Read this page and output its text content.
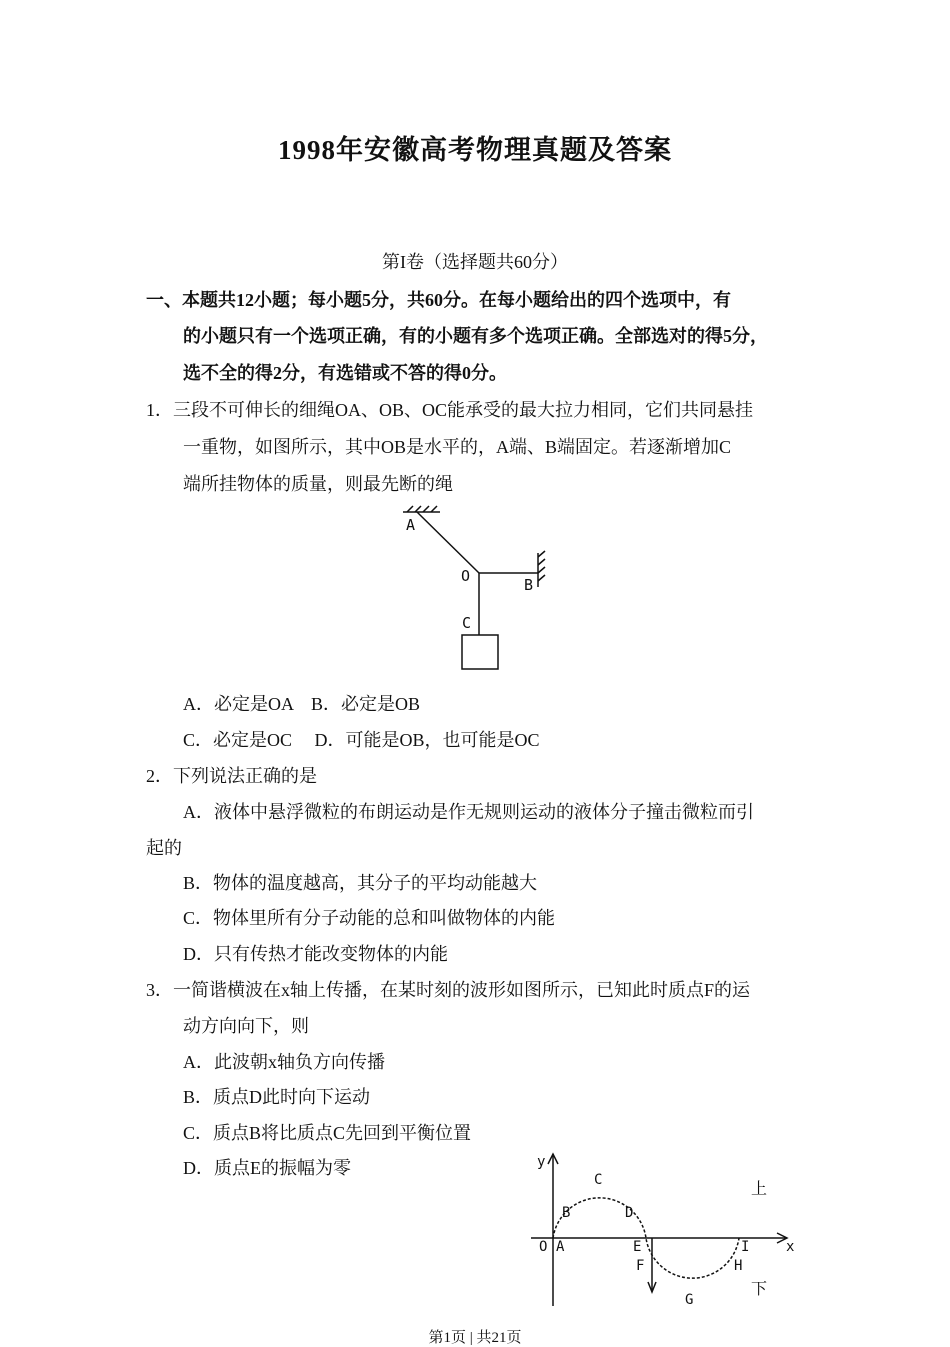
1998年安徽高考物理真题及答案
第I卷（选择题共60分）
一、本题共12小题；每小题5分，共60分。在每小题给出的四个选项中，有
的小题只有一个选项正确，有的小题有多个选项正确。全部选对的得5分，
选不全的得2分，有选错或不答的得0分。
1．三段不可伸长的细绳OA、OB、OC能承受的最大拉力相同，它们共同悬挂
一重物，如图所示，其中OB是水平的，A端、B端固定。若逐渐增加C
端所挂物体的质量，则最先断的绳
A
O	B
C
A．必定是OA　B．必定是OB
C．必定是OC　 D．可能是OB，也可能是OC
2．下列说法正确的是
A．液体中悬浮微粒的布朗运动是作无规则运动的液体分子撞击微粒而引
起的
B．物体的温度越高，其分子的平均动能越大
C．物体里所有分子动能的总和叫做物体的内能
D．只有传热才能改变物体的内能
3．一简谐横波在x轴上传播，在某时刻的波形如图所示，已知此时质点F的运
动方向向下，则
A．此波朝x轴负方向传播
B．质点D此时向下运动
C．质点B将比质点C先回到平衡位置
D．质点E的振幅为零	y
x
O A
B
C
D
E
F
G
H
I
上
下
第1页 | 共21页
